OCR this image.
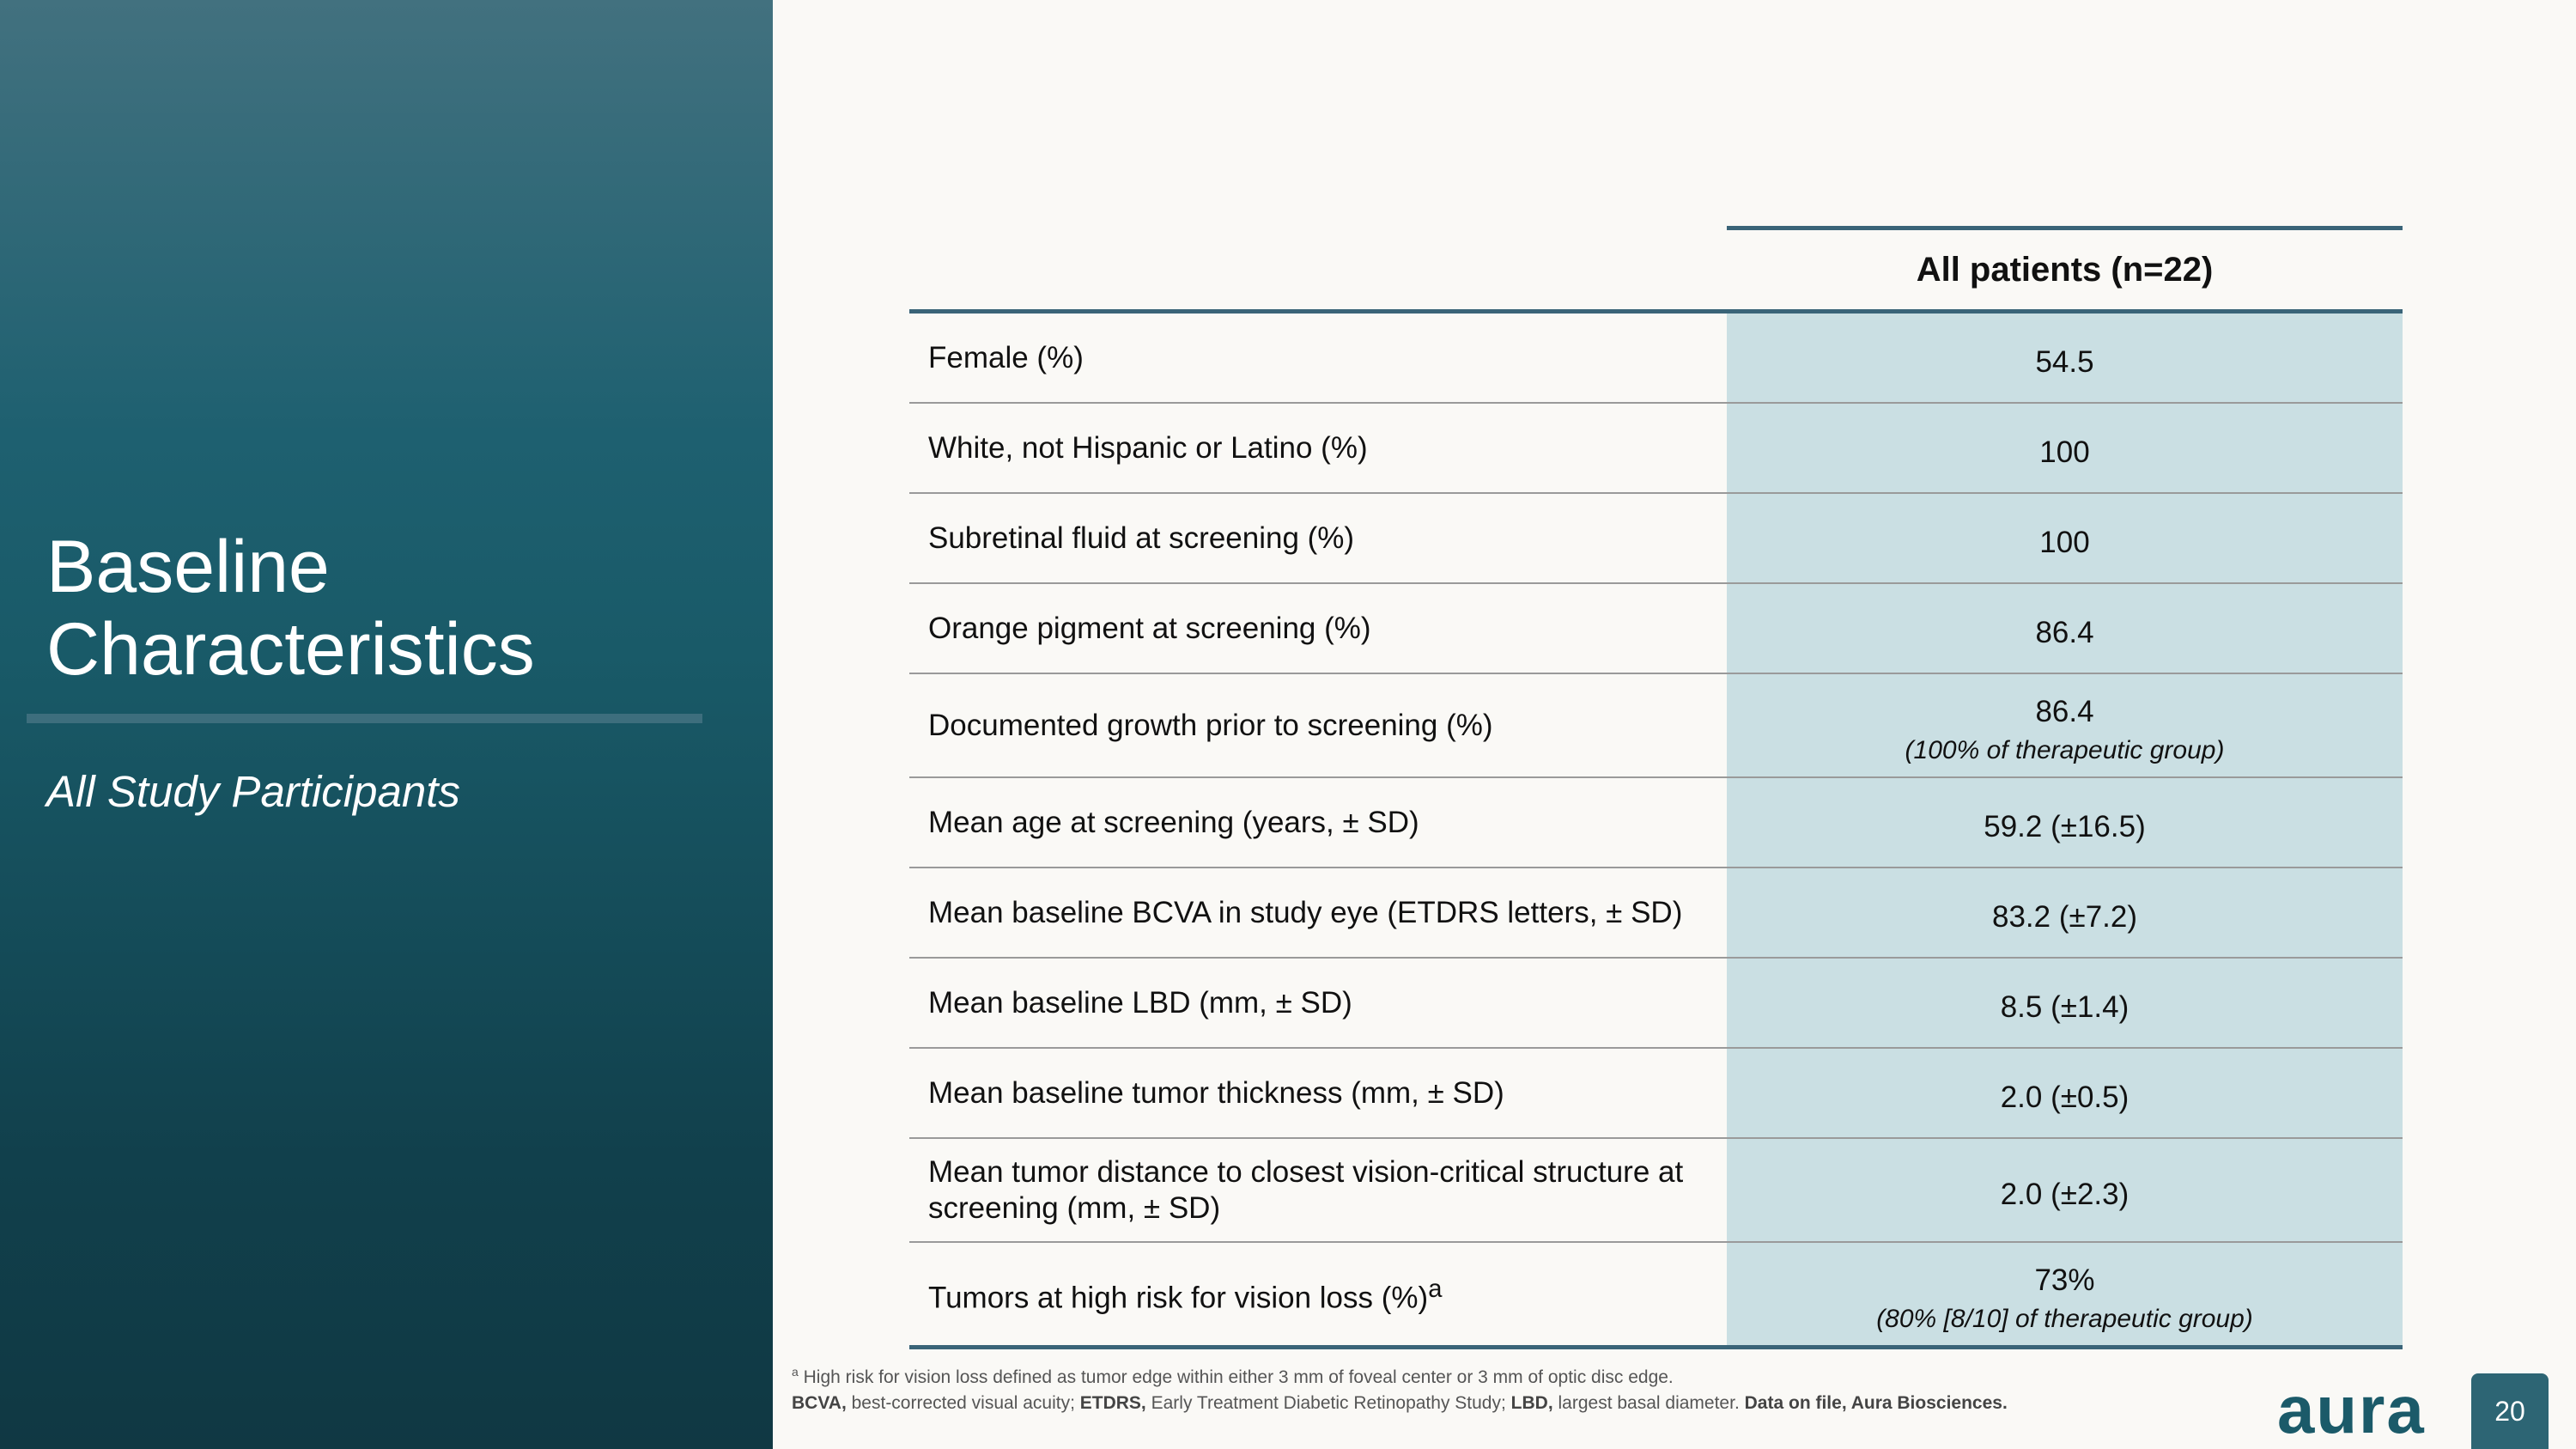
Baseline
Characteristics
All Study Participants
	All patients (n=22)
Female (%)	54.5
White, not Hispanic or Latino (%)	100
Subretinal fluid at screening (%)	100
Orange pigment at screening (%)	86.4
Documented growth prior to screening (%)	86.4
(100% of therapeutic group)

Mean age at screening (years, ± SD)	59.2 (±16.5)
Mean baseline BCVA in study eye (ETDRS letters, ± SD)	83.2 (±7.2)
Mean baseline LBD (mm, ± SD)	8.5 (±1.4)
Mean baseline tumor thickness (mm, ± SD)	2.0 (±0.5)
Mean tumor distance to closest vision-critical structure at screening (mm, ± SD)	2.0 (±2.3)
Tumors at high risk for vision loss (%)$^a$	73%
(80% [8/10] of therapeutic group)
$^a$ High risk for vision loss defined as tumor edge within either 3 mm of foveal center or 3 mm of optic disc edge.
BCVA, best-corrected visual acuity; ETDRS, Early Treatment Diabetic Retinopathy Study; LBD, largest basal diameter. Data on file, Aura Biosciences.	aura	20
